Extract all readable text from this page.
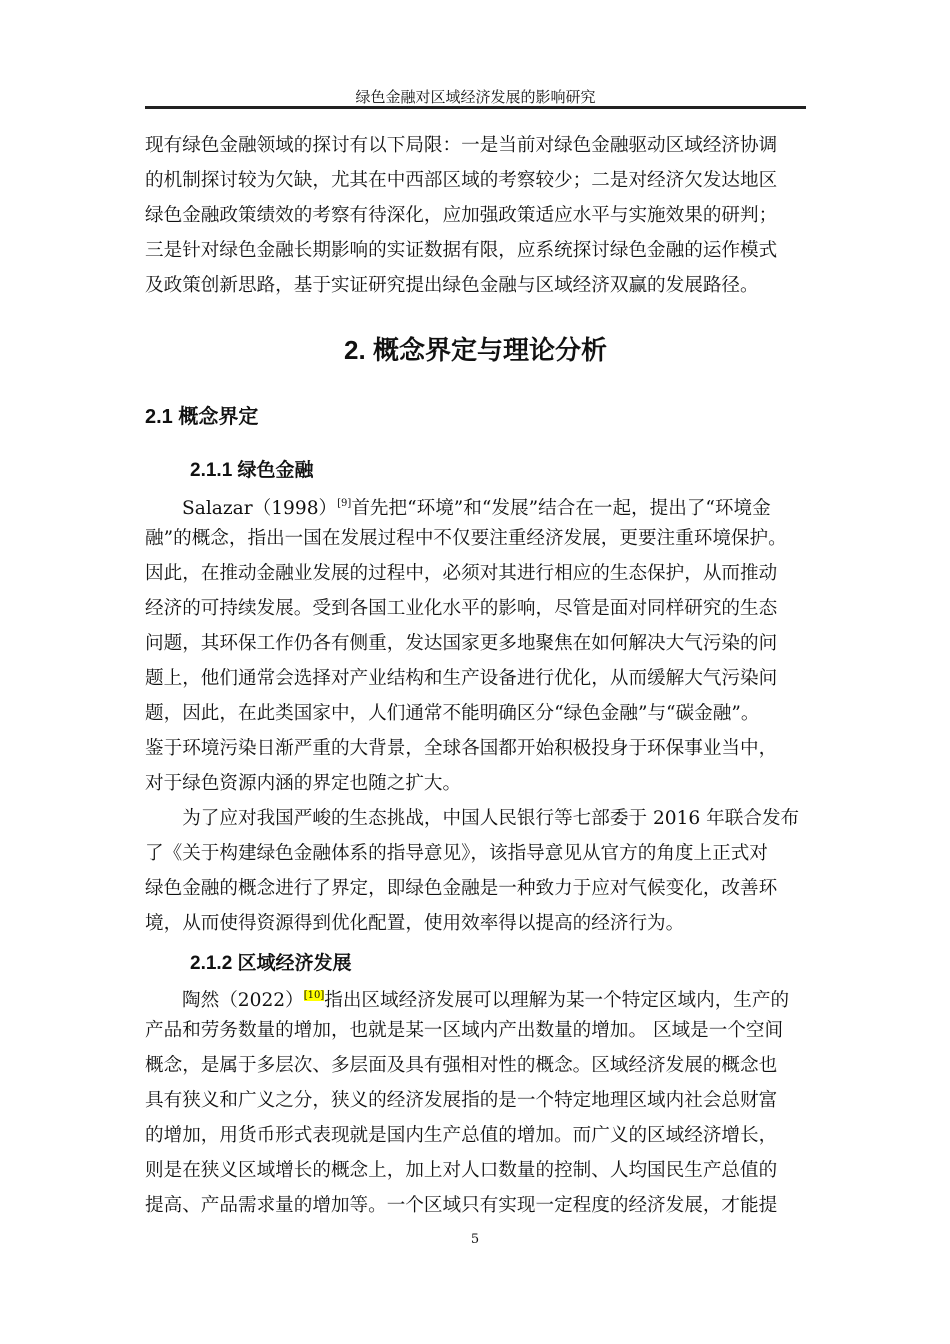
绿色金融对区域经济发展的影响研究
现有绿色金融领域的探讨有以下局限：一是当前对绿色金融驱动区域经济协调
的机制探讨较为欠缺，尤其在中西部区域的考察较少；二是对经济欠发达地区
绿色金融政策绩效的考察有待深化，应加强政策适应水平与实施效果的研判；
三是针对绿色金融长期影响的实证数据有限，应系统探讨绿色金融的运作模式
及政策创新思路，基于实证研究提出绿色金融与区域经济双赢的发展路径。
2. 概念界定与理论分析
2.1 概念界定
2.1.1 绿色金融
Salazar（1998）[9]首先把“环境”和“发展”结合在一起，提出了“环境金
融”的概念，指出一国在发展过程中不仅要注重经济发展，更要注重环境保护。
因此，在推动金融业发展的过程中，必须对其进行相应的生态保护，从而推动
经济的可持续发展。受到各国工业化水平的影响，尽管是面对同样研究的生态
问题，其环保工作仍各有侧重，发达国家更多地聚焦在如何解决大气污染的问
题上，他们通常会选择对产业结构和生产设备进行优化，从而缓解大气污染问
题，因此，在此类国家中，人们通常不能明确区分“绿色金融”与“碳金融”。
鉴于环境污染日渐严重的大背景，全球各国都开始积极投身于环保事业当中，
对于绿色资源内涵的界定也随之扩大。
　　为了应对我国严峻的生态挑战，中国人民银行等七部委于 2016 年联合发布
了《关于构建绿色金融体系的指导意见》，该指导意见从官方的角度上正式对
绿色金融的概念进行了界定，即绿色金融是一种致力于应对气候变化，改善环
境，从而使得资源得到优化配置，使用效率得以提高的经济行为。
2.1.2 区域经济发展
陶然（2022）[10]指出区域经济发展可以理解为某一个特定区域内，生产的
产品和劳务数量的增加，也就是某一区域内产出数量的增加。 区域是一个空间
概念，是属于多层次、多层面及具有强相对性的概念。区域经济发展的概念也
具有狭义和广义之分，狭义的经济发展指的是一个特定地理区域内社会总财富
的增加，用货币形式表现就是国内生产总值的增加。而广义的区域经济增长，
则是在狭义区域增长的概念上，加上对人口数量的控制、人均国民生产总值的
提高、产品需求量的增加等。一个区域只有实现一定程度的经济发展，才能提
5
